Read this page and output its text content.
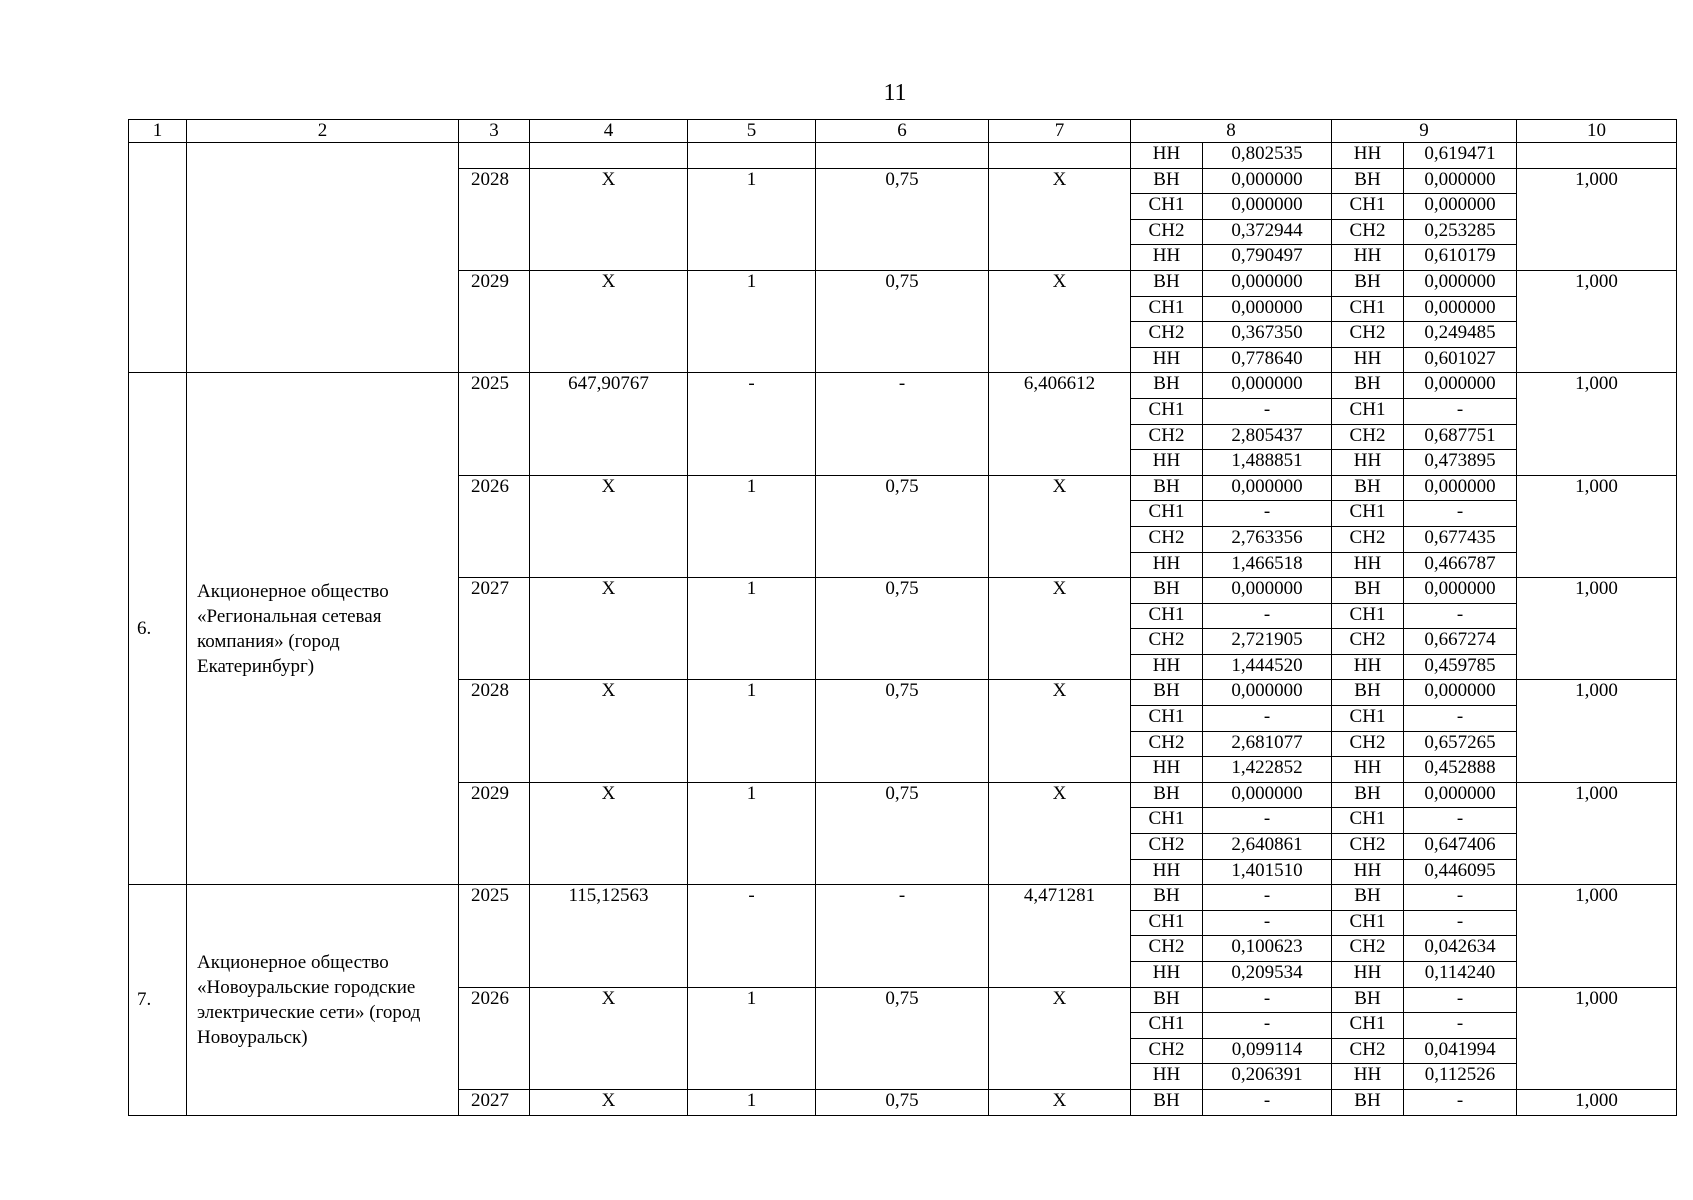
11
1	2	3	4	5	6	7	8		9		10
							НН	0,802535	НН	0,619471	
		2028	X	1	0,75	X	ВН	0,000000	ВН	0,000000	1,000
							СН1	0,000000	СН1	0,000000	
							СН2	0,372944	СН2	0,253285	
							НН	0,790497	НН	0,610179	
		2029	X	1	0,75	X	ВН	0,000000	ВН	0,000000	1,000
							СН1	0,000000	СН1	0,000000	
							СН2	0,367350	СН2	0,249485	
							НН	0,778640	НН	0,601027	
6.	Акционерное общество «Региональная сетевая компания» (город Екатеринбург)	2025	647,90767	-	-	6,406612	ВН	0,000000	ВН	0,000000	1,000
							СН1	-	СН1	-	
							СН2	2,805437	СН2	0,687751	
							НН	1,488851	НН	0,473895	
		2026	X	1	0,75	X	ВН	0,000000	ВН	0,000000	1,000
							СН1	-	СН1	-	
							СН2	2,763356	СН2	0,677435	
							НН	1,466518	НН	0,466787	
		2027	X	1	0,75	X	ВН	0,000000	ВН	0,000000	1,000
							СН1	-	СН1	-	
							СН2	2,721905	СН2	0,667274	
							НН	1,444520	НН	0,459785	
		2028	X	1	0,75	X	ВН	0,000000	ВН	0,000000	1,000
							СН1	-	СН1	-	
							СН2	2,681077	СН2	0,657265	
							НН	1,422852	НН	0,452888	
		2029	X	1	0,75	X	ВН	0,000000	ВН	0,000000	1,000
							СН1	-	СН1	-	
							СН2	2,640861	СН2	0,647406	
							НН	1,401510	НН	0,446095	
7.	Акционерное общество «Новоуральские городские электрические сети» (город Новоуральск)	2025	115,12563	-	-	4,471281	ВН	-	ВН	-	1,000
							СН1	-	СН1	-	
							СН2	0,100623	СН2	0,042634	
							НН	0,209534	НН	0,114240	
		2026	X	1	0,75	X	ВН	-	ВН	-	1,000
							СН1	-	СН1	-	
							СН2	0,099114	СН2	0,041994	
							НН	0,206391	НН	0,112526	
		2027	X	1	0,75	X	ВН	-	ВН	-	1,000
